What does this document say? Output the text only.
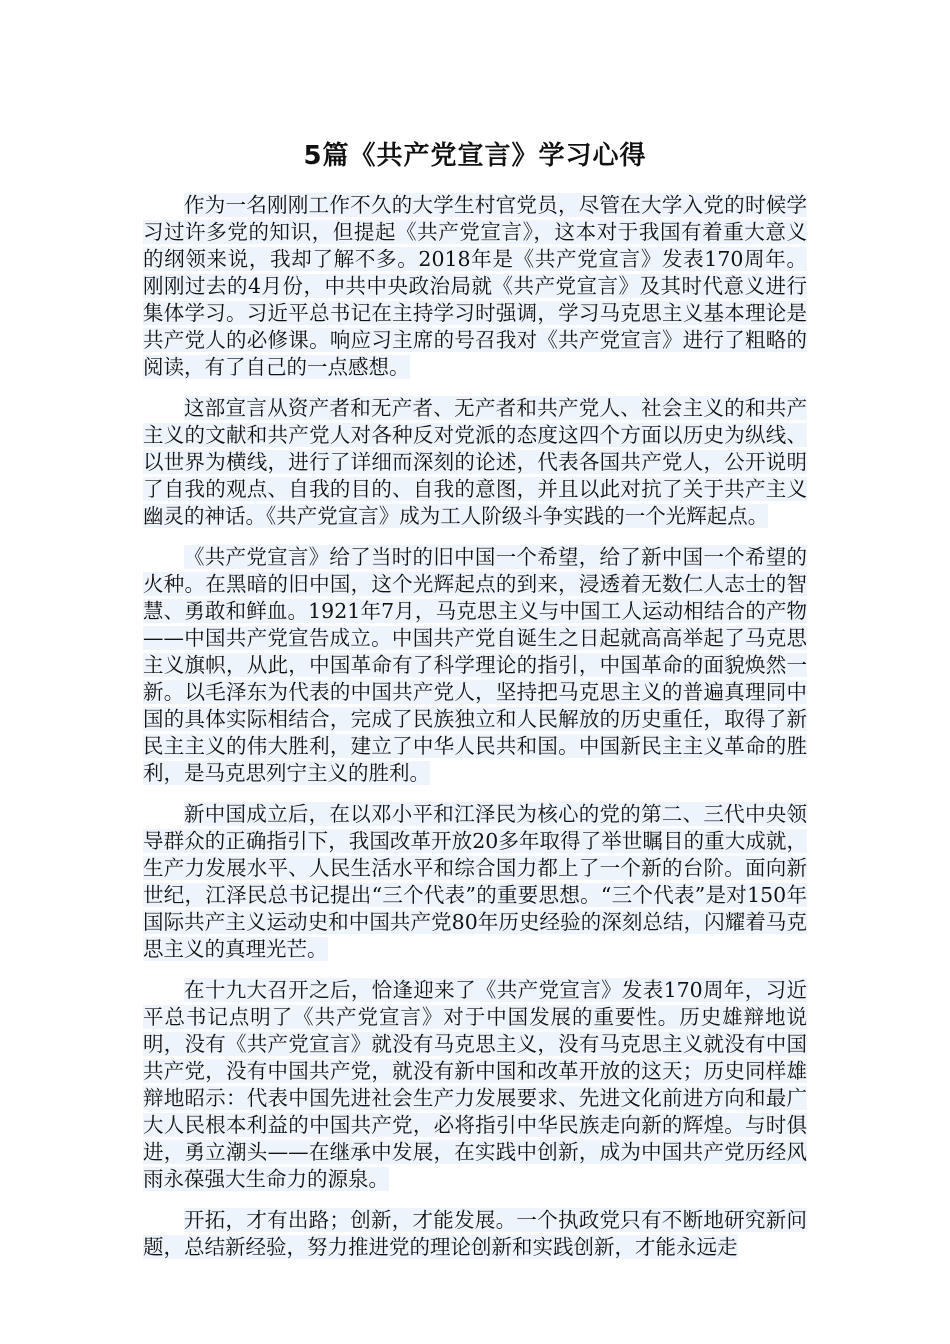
5篇《共产党宣言》学习心得

作为一名刚刚工作不久的大学生村官党员，尽管在大学入党的时候学习过许多党的知识，但提起《共产党宣言》，这本对于我国有着重大意义的纲领来说，我却了解不多。2018年是《共产党宣言》发表170周年。刚刚过去的4月份，中共中央政治局就《共产党宣言》及其时代意义进行集体学习。习近平总书记在主持学习时强调，学习马克思主义基本理论是共产党人的必修课。响应习主席的号召我对《共产党宣言》进行了粗略的阅读，有了自己的一点感想。

这部宣言从资产者和无产者、无产者和共产党人、社会主义的和共产主义的文献和共产党人对各种反对党派的态度这四个方面以历史为纵线、以世界为横线，进行了详细而深刻的论述，代表各国共产党人，公开说明了自我的观点、自我的目的、自我的意图，并且以此对抗了关于共产主义幽灵的神话。《共产党宣言》成为工人阶级斗争实践的一个光辉起点。

《共产党宣言》给了当时的旧中国一个希望，给了新中国一个希望的火种。在黑暗的旧中国，这个光辉起点的到来，浸透着无数仁人志士的智慧、勇敢和鲜血。1921年7月，马克思主义与中国工人运动相结合的产物——中国共产党宣告成立。中国共产党自诞生之日起就高高举起了马克思主义旗帜，从此，中国革命有了科学理论的指引，中国革命的面貌焕然一新。以毛泽东为代表的中国共产党人，坚持把马克思主义的普遍真理同中国的具体实际相结合，完成了民族独立和人民解放的历史重任，取得了新民主主义的伟大胜利，建立了中华人民共和国。中国新民主主义革命的胜利，是马克思列宁主义的胜利。

新中国成立后，在以邓小平和江泽民为核心的党的第二、三代中央领导群众的正确指引下，我国改革开放20多年取得了举世瞩目的重大成就，生产力发展水平、人民生活水平和综合国力都上了一个新的台阶。面向新世纪，江泽民总书记提出“三个代表”的重要思想。“三个代表”是对150年国际共产主义运动史和中国共产党80年历史经验的深刻总结，闪耀着马克思主义的真理光芒。

在十九大召开之后，恰逢迎来了《共产党宣言》发表170周年，习近平总书记点明了《共产党宣言》对于中国发展的重要性。历史雄辩地说明，没有《共产党宣言》就没有马克思主义，没有马克思主义就没有中国共产党，没有中国共产党，就没有新中国和改革开放的这天；历史同样雄辩地昭示：代表中国先进社会生产力发展要求、先进文化前进方向和最广大人民根本利益的中国共产党，必将指引中华民族走向新的辉煌。与时俱进，勇立潮头——在继承中发展，在实践中创新，成为中国共产党历经风雨永葆强大生命力的源泉。

开拓，才有出路；创新，才能发展。一个执政党只有不断地研究新问题，总结新经验，努力推进党的理论创新和实践创新，才能永远走
